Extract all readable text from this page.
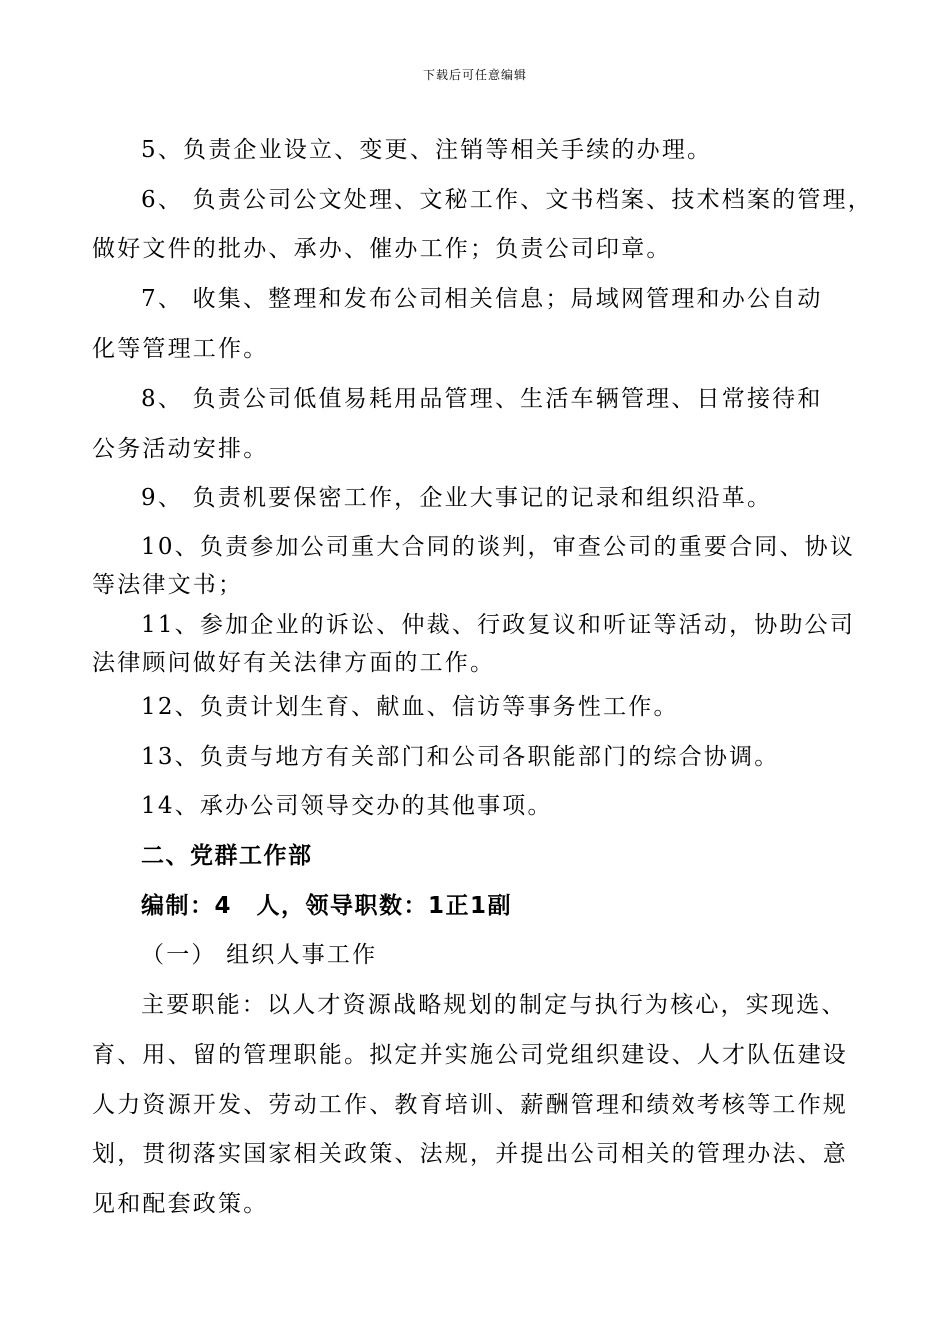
下载后可任意编辑
5、负责企业设立、变更、注销等相关手续的办理。
6、 负责公司公文处理、文秘工作、文书档案、技术档案的管理，
做好文件的批办、承办、催办工作；负责公司印章。
7、 收集、整理和发布公司相关信息；局域网管理和办公自动
化等管理工作。
8、 负责公司低值易耗用品管理、生活车辆管理、日常接待和
公务活动安排。
9、 负责机要保密工作，企业大事记的记录和组织沿革。
10、负责参加公司重大合同的谈判，审查公司的重要合同、协议
等法律文书；
11、参加企业的诉讼、仲裁、行政复议和听证等活动，协助公司
法律顾问做好有关法律方面的工作。
12、负责计划生育、献血、信访等事务性工作。
13、负责与地方有关部门和公司各职能部门的综合协调。
14、承办公司领导交办的其他事项。
二、党群工作部
编制：4　人，领导职数：1正1副
（一） 组织人事工作
主要职能：以人才资源战略规划的制定与执行为核心，实现选、
育、用、留的管理职能。拟定并实施公司党组织建设、人才队伍建设
人力资源开发、劳动工作、教育培训、薪酬管理和绩效考核等工作规
划，贯彻落实国家相关政策、法规，并提出公司相关的管理办法、意
见和配套政策。
